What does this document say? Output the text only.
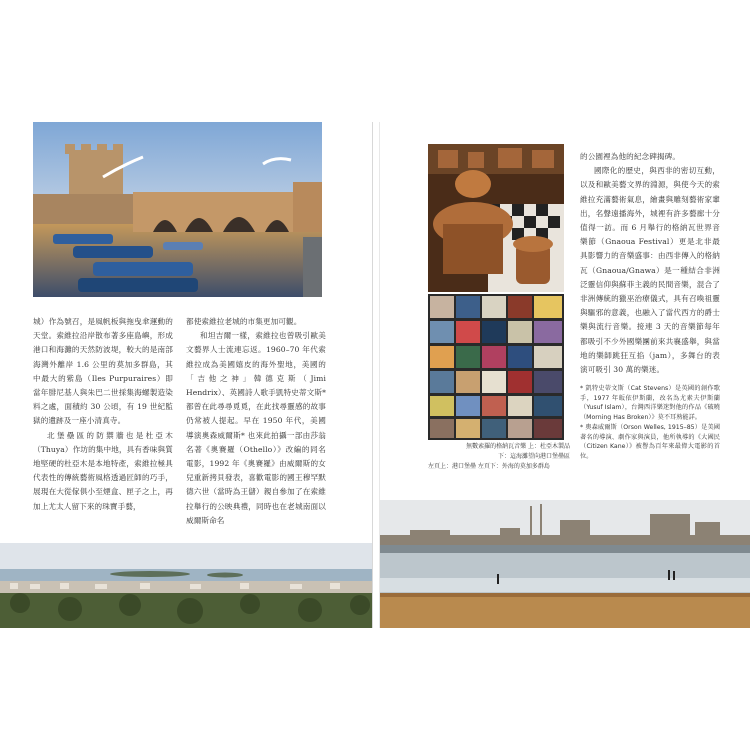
城）作為號召，是風帆板與拖曳傘運動的天堂。索維拉沿岸散布著多座島嶼，形成港口和海灘的天然防波堤，較大的是南部海灣外離岸 1.6 公里的莫加多群島，其中最大的紫島（Iles Purpuraires）即當年腓尼基人與朱巴二世採集海螺製造染料之處，面積約 30 公頃，有 19 世紀監獄的遺跡及一座小清真寺。

北堡壘區的防禦牆也是杜亞木（Thuya）作坊的集中地，具有香味與質地堅硬的杜亞木是本地特產，索維拉極具代表性的傳統藝術風格透過匠師的巧手，展現在大從傢俱小至煙盒、匣子之上，再加上尤太人留下來的珠寶手藝，

都使索維拉老城的市集更加可觀。

和坦吉爾一樣，索維拉也曾吸引歐美文藝界人士流連忘返。1960–70 年代索維拉成為美國嬉皮的海外聖地，美國的「吉他之神」韓德克斯（Jimi Hendrix）、英國詩人歌手凱特史蒂文斯* 都曾在此尋尋覓覓，在此找尋靈感的故事仍常被人提起。早在 1950 年代，美國導演奧森威爾斯* 也來此拍攝一部由莎翁名著《奧賽羅（Othello）》改編的同名電影，1992 年《奧賽羅》由威爾斯的女兒重新拷貝發表，喜歡電影的國王穆罕默德六世（當時為王儲）親自參加了在索維拉舉行的公映典禮，同時也在老城南面以威爾斯命名

無數索羅的格納瓦音樂 上：杜亞木製品
下：這海灘望向港口堡壘區
左頁上：港口堡壘 左頁下：外海的莫加多群島

的公園裡為他的紀念碑揭碑。

國際化的歷史，與西非的密切互動，以及和歐美藝文界的淵源，與使今天的索維拉充滿藝術氣息，繪畫與雕刻藝術家輩出，名聲遠播海外，城裡有許多藝廊十分值得一訪。而 6 月舉行的格納瓦世界音樂節（Gnaoua Festival）更是北非最具影響力的音樂盛事：由西非傳入的格納瓦（Gnaoua/Gnawa）是一種結合非洲泛靈信仰與蘇菲主義的民間音樂，混合了非洲傳統的獵巫治療儀式，具有召喚祖靈與驅邪的意義，也融入了當代西方的爵士樂與流行音樂。接連 3 天的音樂節每年都吸引不少外國樂團前來共襄盛舉，與當地的樂師跳狂互掐（jam），多舞台的表演可吸引 30 萬的樂迷。

* 凱特史蒂文斯（Cat Stevens）是英國的創作歌手，1977 年皈依伊斯蘭，改名為尤素夫伊斯蘭（Yusuf Islam），台灣西洋樂迷對他的作品《破曉（Morning Has Broken）》莫不耳熟能詳。

* 奧森威爾斯（Orson Welles, 1915–85）是美國著名的導演、劇作家與演員，他所執導的《大國民（Citizen Kane）》被譽為百年來最偉大電影的首位。
